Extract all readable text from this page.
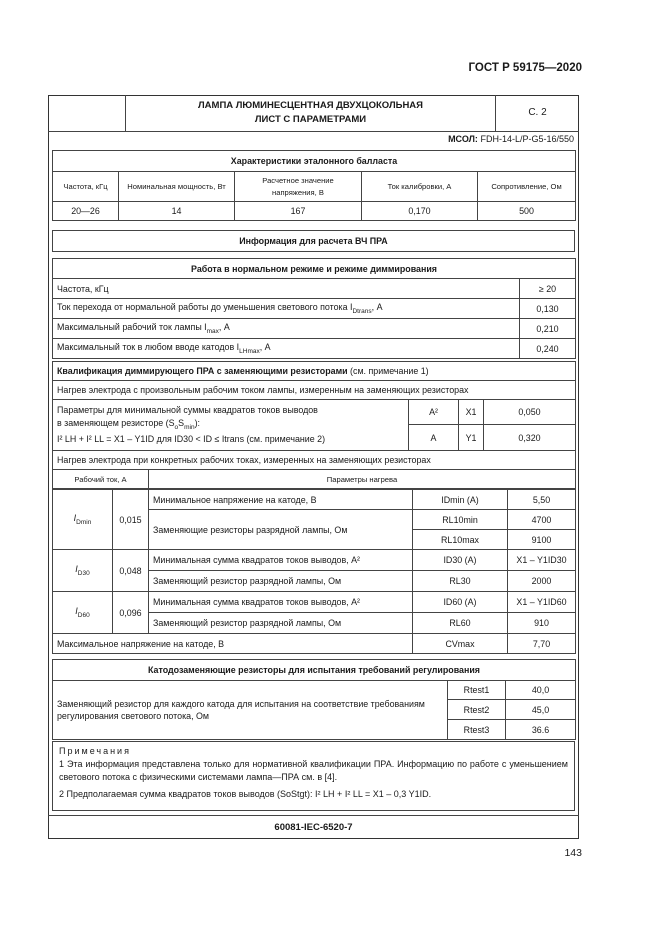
ГОСТ Р 59175—2020
ЛАМПА ЛЮМИНЕСЦЕНТНАЯ ДВУХЦОКОЛЬНАЯ
ЛИСТ С ПАРАМЕТРАМИ
С. 2
МСОЛ: FDH-14-L/P-G5-16/550
Характеристики эталонного балласта				
Частота, кГц	Номинальная мощность, Вт	Расчетное значение напряжения, В	Ток калибровки, А	Сопротивление, Ом
20—26	14	167	0,170	500
Информация для расчета ВЧ ПРА
Работа в нормальном режиме и режиме диммирования	
Частота, кГц	≥ 20
Ток перехода от нормальной работы до уменьшения светового потока $I_{Dtrans}$, А	0,130
Максимальный рабочий ток лампы $I_{max}$, А	0,210
Максимальный ток в любом вводе катодов $I_{LHmax}$, А	0,240
Квалификация диммирующего ПРА с заменяющими резисторами (см. примечание 1)				
Нагрев электрода с произвольным рабочим током лампы, измеренным на заменяющих резисторах				
Параметры для минимальной суммы квадратов токов выводов
в заменяющем резисторе $(S_oS_{min})$:
I² LH + I² LL = X1 – Y1ID для ID30 < ID ≤ Itrans (см. примечание 2)		А²	X1	0,050
		А	Y1	0,320
Нагрев электрода при конкретных рабочих токах, измеренных на заменяющих резисторах				
Рабочий ток, А	Параметры нагрева			
$I_{Dmin}$	0,015	Минимальное напряжение на катоде, В	IDmin (А)	5,50
		Заменяющие резисторы разрядной лампы, Ом	RL10min	4700
			RL10max	9100
$I_{D30}$	0,048	Минимальная сумма квадратов токов выводов, А²	ID30 (А)	X1 – Y1ID30
		Заменяющий резистор разрядной лампы, Ом	RL30	2000
$I_{D60}$	0,096	Минимальная сумма квадратов токов выводов, А²	ID60 (А)	X1 – Y1ID60
		Заменяющий резистор разрядной лампы, Ом	RL60	910
Максимальное напряжение на катоде, В			CVmax	7,70
Катодозаменяющие резисторы для испытания требований регулирования		
Заменяющий резистор для каждого катода для испытания на соответствие требованиям регулирования светового потока, Ом	Rtest1	40,0
	Rtest2	45,0
	Rtest3	36.6
Примечания

1 Эта информация представлена только для нормативной квалификации ПРА. Информацию по работе с уменьшением светового потока с физическими системами лампа—ПРА см. в [4].

2 Предполагаемая сумма квадратов токов выводов (SoStgt): I² LH + I² LL = X1 – 0,3 Y1ID.

60081-IEC-6520-7
143
